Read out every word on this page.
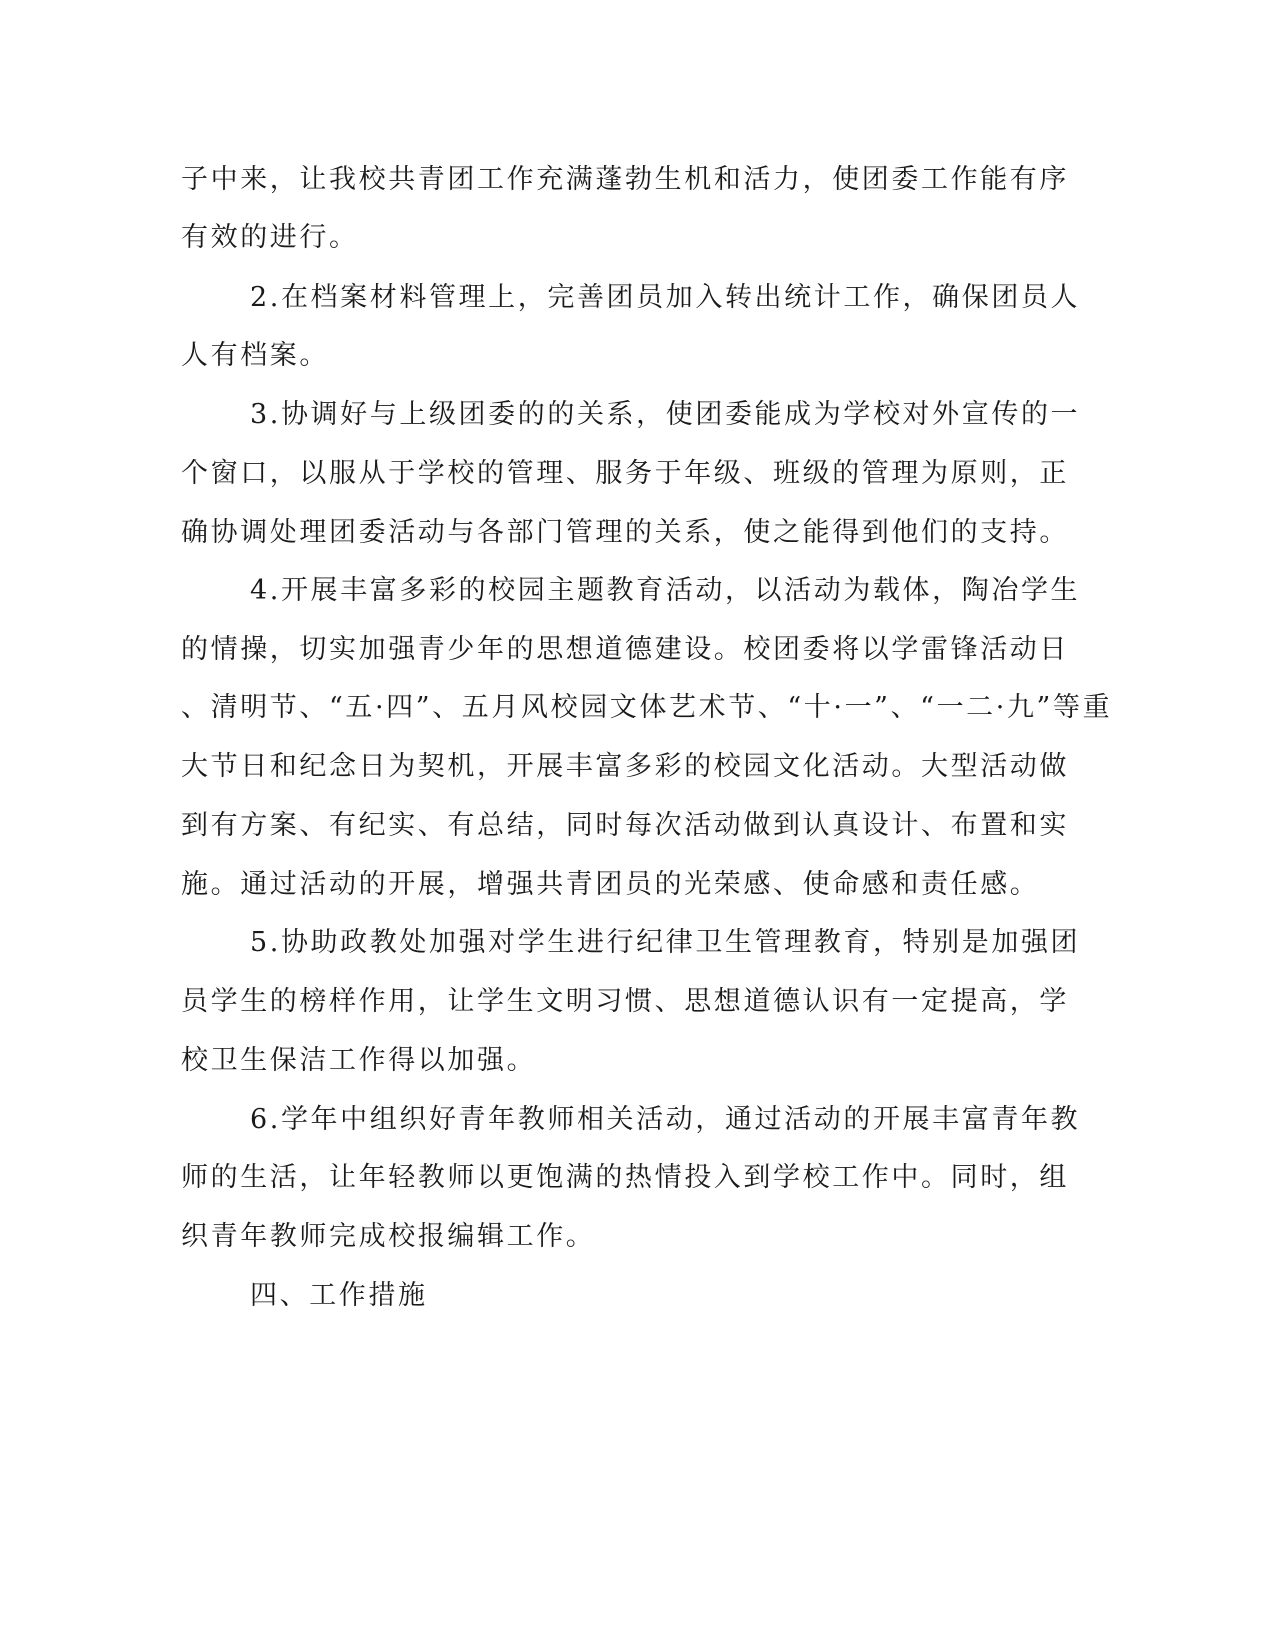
子中来，让我校共青团工作充满蓬勃生机和活力，使团委工作能有序
有效的进行。
2.在档案材料管理上，完善团员加入转出统计工作，确保团员人
人有档案。
3.协调好与上级团委的的关系，使团委能成为学校对外宣传的一
个窗口，以服从于学校的管理、服务于年级、班级的管理为原则，正
确协调处理团委活动与各部门管理的关系，使之能得到他们的支持。
4.开展丰富多彩的校园主题教育活动，以活动为载体，陶冶学生
的情操，切实加强青少年的思想道德建设。校团委将以学雷锋活动日
、清明节、“五·四”、五月风校园文体艺术节、“十·一”、“一二·九”等重
大节日和纪念日为契机，开展丰富多彩的校园文化活动。大型活动做
到有方案、有纪实、有总结，同时每次活动做到认真设计、布置和实
施。通过活动的开展，增强共青团员的光荣感、使命感和责任感。
5.协助政教处加强对学生进行纪律卫生管理教育，特别是加强团
员学生的榜样作用，让学生文明习惯、思想道德认识有一定提高，学
校卫生保洁工作得以加强。
6.学年中组织好青年教师相关活动，通过活动的开展丰富青年教
师的生活，让年轻教师以更饱满的热情投入到学校工作中。同时，组
织青年教师完成校报编辑工作。
四、工作措施
